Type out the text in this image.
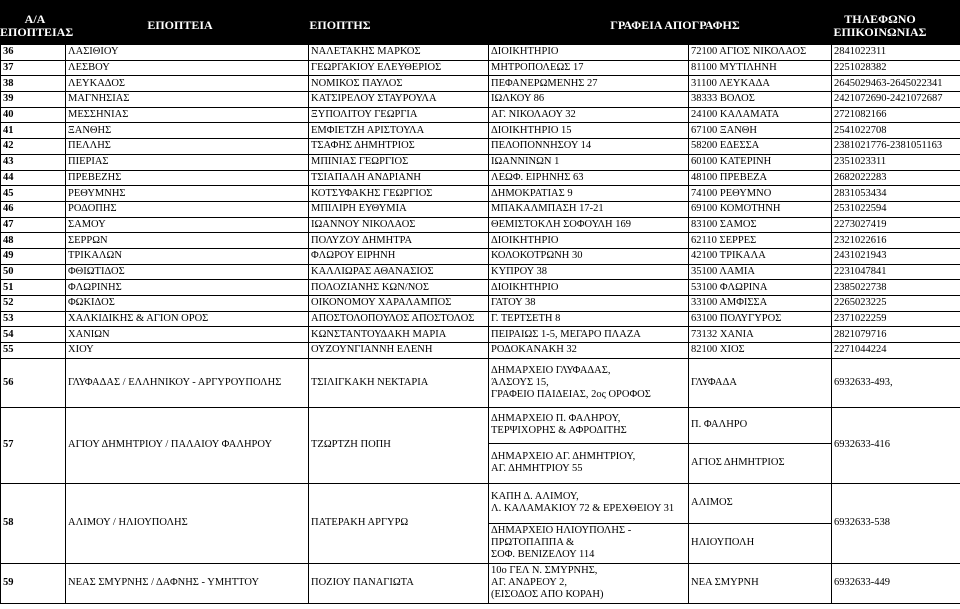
Α/Α ΕΠΟΠΤΕΙΑΣ	ΕΠΟΠΤΕΙΑ	ΕΠΟΠΤΗΣ	ΓΡΑΦΕΙΑ ΑΠΟΓΡΑΦΗΣ	ΤΗΛΕΦΩΝΟ ΕΠΙΚΟΙΝΩΝΙΑΣ
36	ΛΑΣΙΘΙΟΥ	ΝΑΛΕΤΑΚΗΣ ΜΑΡΚΟΣ	ΔΙΟΙΚΗΤΗΡΙΟ	72100 ΑΓΙΟΣ ΝΙΚΟΛΑΟΣ	2841022311
37	ΛΕΣΒΟΥ	ΓΕΩΡΓΑΚΙΟΥ ΕΛΕΥΘΕΡΙΟΣ	ΜΗΤΡΟΠΟΛΕΩΣ 17	81100 ΜΥΤΙΛΗΝΗ	2251028382
38	ΛΕΥΚΑΔΟΣ	ΝΟΜΙΚΟΣ ΠΑΥΛΟΣ	ΠΕΦΑΝΕΡΩΜΕΝΗΣ 27	31100 ΛΕΥΚΑΔΑ	2645029463-2645022341
39	ΜΑΓΝΗΣΙΑΣ	ΚΑΤΣΙΡΕΛΟΥ ΣΤΑΥΡΟΥΛΑ	ΙΩΛΚΟΥ 86	38333 ΒΟΛΟΣ	2421072690-2421072687
40	ΜΕΣΣΗΝΙΑΣ	ΞΥΠΟΛΙΤΟΥ ΓΕΩΡΓΙΑ	ΑΓ. ΝΙΚΟΛΑΟΥ 32	24100 ΚΑΛΑΜΑΤΑ	2721082166
41	ΞΑΝΘΗΣ	ΕΜΦΙΕΤΖΗ ΑΡΙΣΤΟΥΛΑ	ΔΙΟΙΚΗΤΗΡΙΟ 15	67100 ΞΑΝΘΗ	2541022708
42	ΠΕΛΛΗΣ	ΤΣΑΦΗΣ ΔΗΜΗΤΡΙΟΣ	ΠΕΛΟΠΟΝΝΗΣΟΥ 14	58200 ΕΔΕΣΣΑ	2381021776-2381051163
43	ΠΙΕΡΙΑΣ	ΜΠΙΝΙΑΣ ΓΕΩΡΓΙΟΣ	ΙΩΑΝΝΙΝΩΝ 1	60100 ΚΑΤΕΡΙΝΗ	2351023311
44	ΠΡΕΒΕΖΗΣ	ΤΣΙΑΠΑΛΗ ΑΝΔΡΙΑΝΗ	ΛΕΩΦ. ΕΙΡΗΝΗΣ 63	48100 ΠΡΕΒΕΖΑ	2682022283
45	ΡΕΘΥΜΝΗΣ	ΚΟΤΣΥΦΑΚΗΣ ΓΕΩΡΓΙΟΣ	ΔΗΜΟΚΡΑΤΙΑΣ 9	74100 ΡΕΘΥΜΝΟ	2831053434
46	ΡΟΔΟΠΗΣ	ΜΠΙΛΙΡΗ ΕΥΘΥΜΙΑ	ΜΠΑΚΑΛΜΠΑΣΗ 17-21	69100 ΚΟΜΟΤΗΝΗ	2531022594
47	ΣΑΜΟΥ	ΙΩΑΝΝΟΥ ΝΙΚΟΛΑΟΣ	ΘΕΜΙΣΤΟΚΛΗ ΣΟΦΟΥΛΗ 169	83100 ΣΑΜΟΣ	2273027419
48	ΣΕΡΡΩΝ	ΠΟΛΥΖΟΥ ΔΗΜΗΤΡΑ	ΔΙΟΙΚΗΤΗΡΙΟ	62110 ΣΕΡΡΕΣ	2321022616
49	ΤΡΙΚΑΛΩΝ	ΦΛΩΡΟΥ ΕΙΡΗΝΗ	ΚΟΛΟΚΟΤΡΩΝΗ 30	42100 ΤΡΙΚΑΛΑ	2431021943
50	ΦΘΙΩΤΙΔΟΣ	ΚΑΛΛΙΩΡΑΣ ΑΘΑΝΑΣΙΟΣ	ΚΥΠΡΟΥ 38	35100 ΛΑΜΙΑ	2231047841
51	ΦΛΩΡΙΝΗΣ	ΠΟΛΟΖΙΑΝΗΣ ΚΩΝ/ΝΟΣ	ΔΙΟΙΚΗΤΗΡΙΟ	53100 ΦΛΩΡΙΝΑ	2385022738
52	ΦΩΚΙΔΟΣ	ΟΙΚΟΝΟΜΟΥ ΧΑΡΑΛΑΜΠΟΣ	ΓΑΤΟΥ 38	33100 ΑΜΦΙΣΣΑ	2265023225
53	ΧΑΛΚΙΔΙΚΗΣ & ΑΓΙΟΝ ΟΡΟΣ	ΑΠΟΣΤΟΛΟΠΟΥΛΟΣ ΑΠΟΣΤΟΛΟΣ	Γ. ΤΕΡΤΣΕΤΗ 8	63100 ΠΟΛΥΓΥΡΟΣ	2371022259
54	ΧΑΝΙΩΝ	ΚΩΝΣΤΑΝΤΟΥΔΑΚΗ ΜΑΡΙΑ	ΠΕΙΡΑΙΩΣ 1-5, ΜΕΓΑΡΟ ΠΛΑΖΑ	73132 ΧΑΝΙΑ	2821079716
55	ΧΙΟΥ	ΟΥΖΟΥΝΓΙΑΝΝΗ ΕΛΕΝΗ	ΡΟΔΟΚΑΝΑΚΗ 32	82100 ΧΙΟΣ	2271044224
56	ΓΛΥΦΑΔΑΣ / ΕΛΛΗΝΙΚΟΥ - ΑΡΓΥΡΟΥΠΟΛΗΣ	ΤΣΙΛΙΓΚΑΚΗ ΝΕΚΤΑΡΙΑ	ΔΗΜΑΡΧΕΙΟ ΓΛΥΦΑΔΑΣ,
ΆΛΣΟΥΣ 15,
ΓΡΑΦΕΙΟ ΠΑΙΔΕΙΑΣ, 2ος ΟΡΟΦΟΣ	ΓΛΥΦΑΔΑ	6932633-493,
57	ΑΓΙΟΥ ΔΗΜΗΤΡΙΟΥ / ΠΑΛΑΙΟΥ ΦΑΛΗΡΟΥ	ΤΖΩΡΤΖΗ ΠΟΠΗ	ΔΗΜΑΡΧΕΙΟ Π. ΦΑΛΗΡΟΥ,
ΤΕΡΨΙΧΟΡΗΣ & ΑΦΡΟΔΙΤΗΣ	Π. ΦΑΛΗΡΟ	6932633-416

			ΔΗΜΑΡΧΕΙΟ ΑΓ. ΔΗΜΗΤΡΙΟΥ,
ΑΓ. ΔΗΜΗΤΡΙΟΥ 55	ΑΓΙΟΣ ΔΗΜΗΤΡΙΟΣ	
58	ΑΛΙΜΟΥ / ΗΛΙΟΥΠΟΛΗΣ	ΠΑΤΕΡΑΚΗ ΑΡΓΥΡΩ	ΚΑΠΗ Δ. ΑΛΙΜΟΥ,
Λ. ΚΑΛΑΜΑΚΙΟΥ 72 & ΕΡΕΧΘΕΙΟΥ 31	ΑΛΙΜΟΣ	6932633-538

			ΔΗΜΑΡΧΕΙΟ ΗΛΙΟΥΠΟΛΗΣ -
ΠΡΩΤΟΠΑΠΠΑ &
ΣΟΦ. ΒΕΝΙΖΕΛΟΥ 114	ΗΛΙΟΥΠΟΛΗ	
59	ΝΕΑΣ ΣΜΥΡΝΗΣ / ΔΑΦΝΗΣ - ΥΜΗΤΤΟΥ	ΠΟΖΙΟΥ ΠΑΝΑΓΙΩΤΑ	10ο ΓΕΛ Ν. ΣΜΥΡΝΗΣ,
ΑΓ. ΑΝΔΡΕΟΥ 2,
(ΕΙΣΟΔΟΣ ΑΠΟ ΚΟΡΑΗ)	ΝΕΑ ΣΜΥΡΝΗ	6932633-449
